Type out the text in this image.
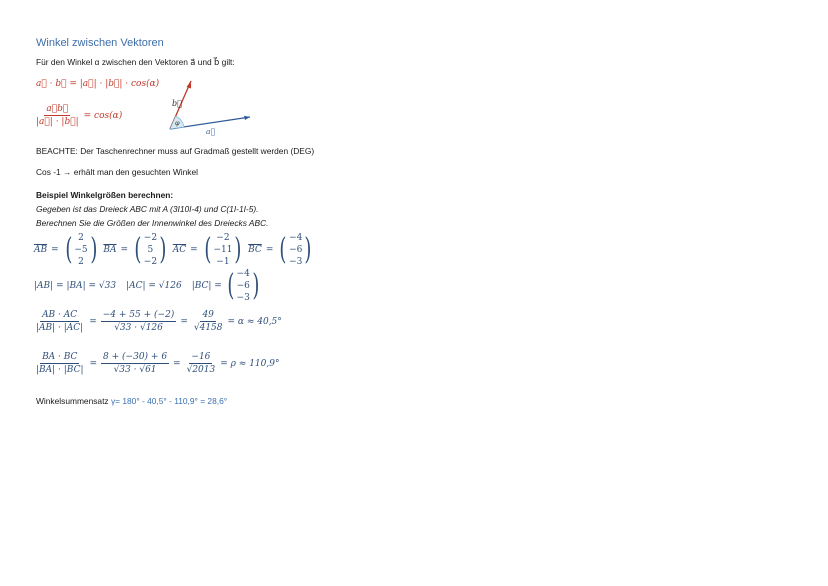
Winkel zwischen Vektoren
Für den Winkel α zwischen den Vektoren a⃗ und b⃗ gilt:
a⃗ · b⃗ = |a⃗| · |b⃗| · cos(α)
$\frac{a⃗b⃗}{|a⃗| \cdot |b⃗|} = \cos(\alpha)$
b⃗
φ
a⃗
BEACHTE: Der Taschenrechner muss auf Gradmaß gestellt werden (DEG)
Cos -1 → erhält man den gesuchten Winkel
Beispiel Winkelgrößen berechnen:
Gegeben ist das Dreieck ABC mit A (3I10I-4) und C(1I-1I-5).
Berechnen Sie die Größen der Innenwinkel des Dreiecks ABC.
$\overline{AB}$ = ( 2
−5
2 ) $\overline{BA}$ = ( −2
5
−2 ) $\overline{AC}$ = ( −2
−11
−1 ) $\overline{BC}$ = ( −4
−6
−3 )
|AB| = |BA| = √33 |AC| = √126 |BC| = ( −4
−6
−3 )
$\frac{AB \cdot AC}{|AB| \cdot |AC|} = \frac{-4 + 55 + (-2)}{√33 \cdot √126} = \frac{49}{√4158} = \alpha \approx 40,5^\circ$
$\frac{BA \cdot BC}{|BA| \cdot |BC|} = \frac{8 + (-30) + 6}{√33 \cdot √61} = \frac{-16}{√2013} = \rho \approx 110,9^\circ$
Winkelsummensatz γ= 180° - 40,5° - 110,9° = 28,6°
